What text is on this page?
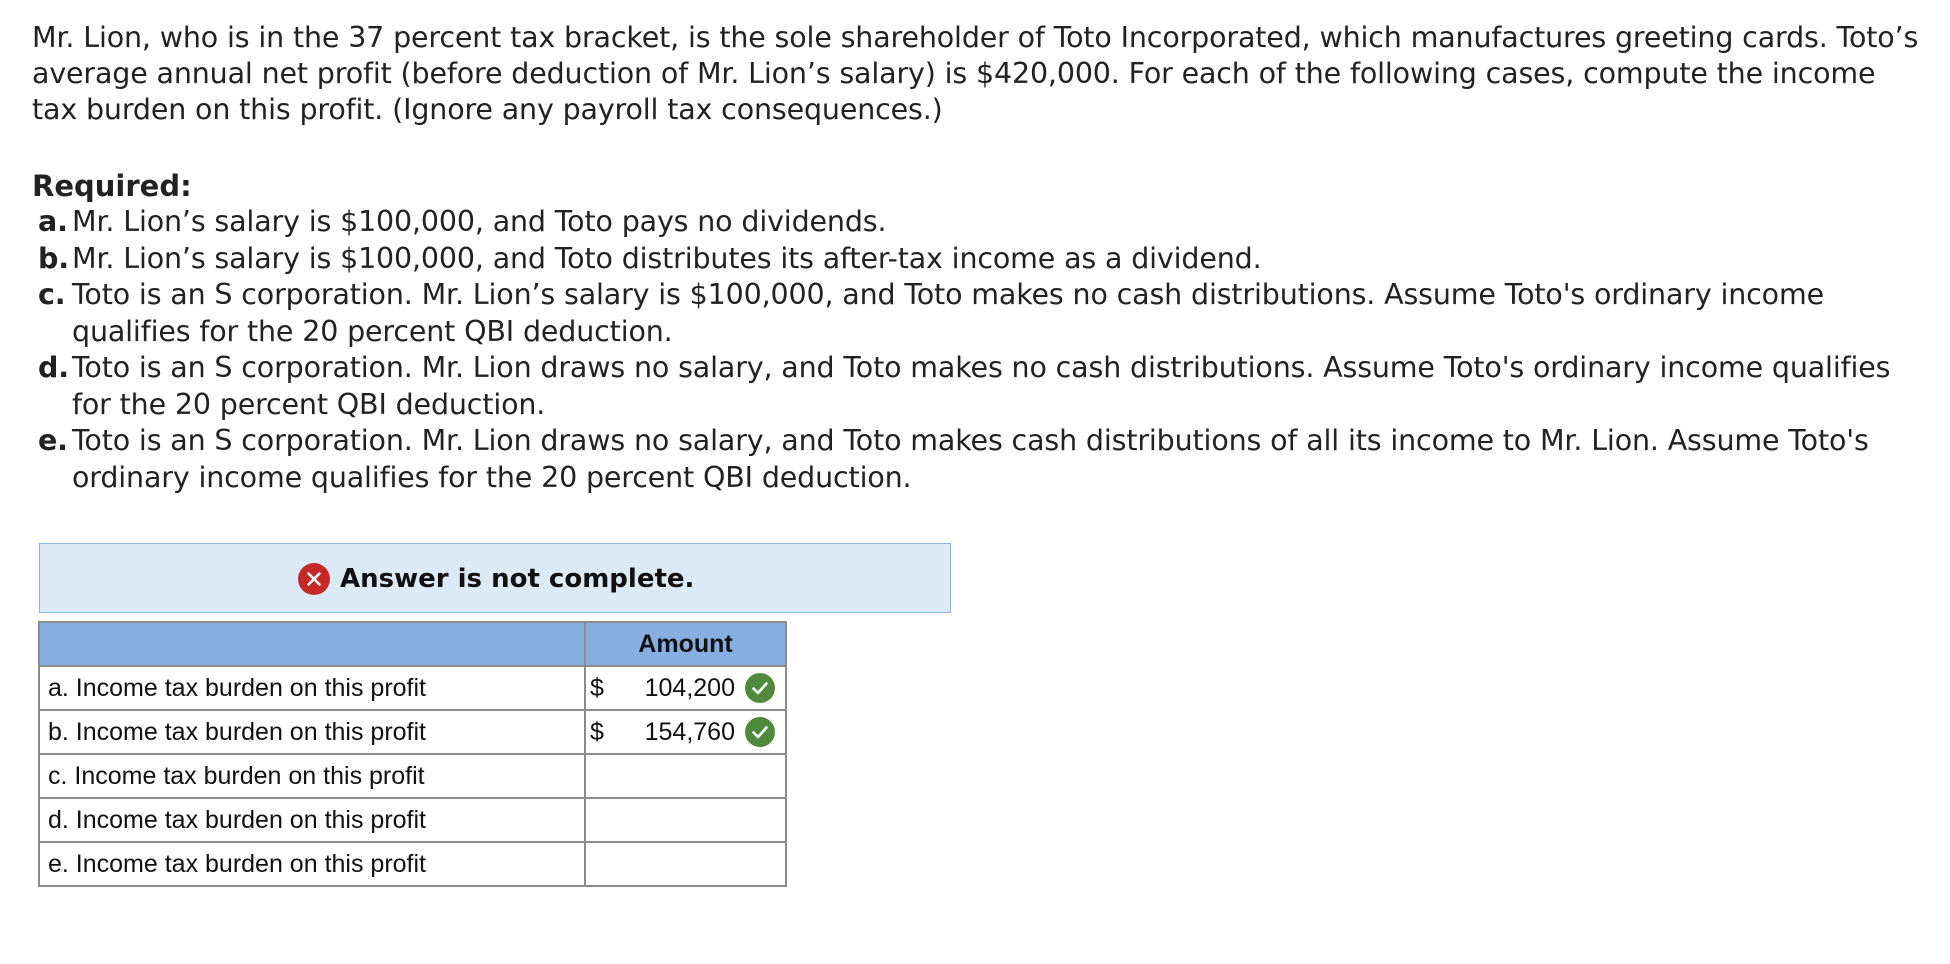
Mr. Lion, who is in the 37 percent tax bracket, is the sole shareholder of Toto Incorporated, which manufactures greeting cards. Toto’s average annual net profit (before deduction of Mr. Lion’s salary) is $420,000. For each of the following cases, compute the income tax burden on this profit. (Ignore any payroll tax consequences.)

Required:

a. Mr. Lion’s salary is $100,000, and Toto pays no dividends.
b. Mr. Lion’s salary is $100,000, and Toto distributes its after-tax income as a dividend.
c. Toto is an S corporation. Mr. Lion’s salary is $100,000, and Toto makes no cash distributions. Assume Toto's ordinary income qualifies for the 20 percent QBI deduction.
d. Toto is an S corporation. Mr. Lion draws no salary, and Toto makes no cash distributions. Assume Toto's ordinary income qualifies for the 20 percent QBI deduction.
e. Toto is an S corporation. Mr. Lion draws no salary, and Toto makes cash distributions of all its income to Mr. Lion. Assume Toto's ordinary income qualifies for the 20 percent QBI deduction.
Answer is not complete.
	Amount
a. Income tax burden on this profit	$ 104,200

b. Income tax burden on this profit	$ 154,760

c. Income tax burden on this profit	

d. Income tax burden on this profit	

e. Income tax burden on this profit	
